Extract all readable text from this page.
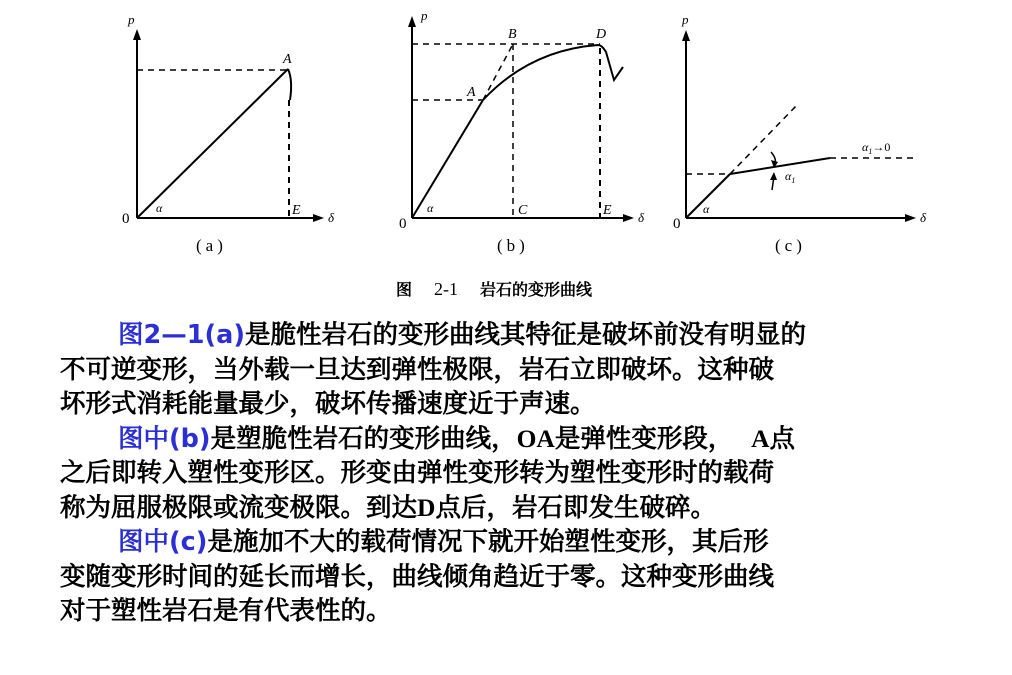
p
δ
0
α
A
E
(a)
p
δ
0
α
A
B
C
D
E
(b)
p
δ
0
α
$\alpha_1$
$\alpha_1\to 0$
(c)
图 2-1 岩石的变形曲线

图2—1(a)是脆性岩石的变形曲线其特征是破坏前没有明显的
不可逆变形，当外载一旦达到弹性极限，岩石立即破坏。这种破
坏形式消耗能量最少，破坏传播速度近于声速。

图中(b)是塑脆性岩石的变形曲线，OA是弹性变形段， A点
之后即转入塑性变形区。形变由弹性变形转为塑性变形时的载荷
称为屈服极限或流变极限。到达D点后，岩石即发生破碎。

图中(c)是施加不大的载荷情况下就开始塑性变形，其后形
变随变形时间的延长而增长，曲线倾角趋近于零。这种变形曲线
对于塑性岩石是有代表性的。
